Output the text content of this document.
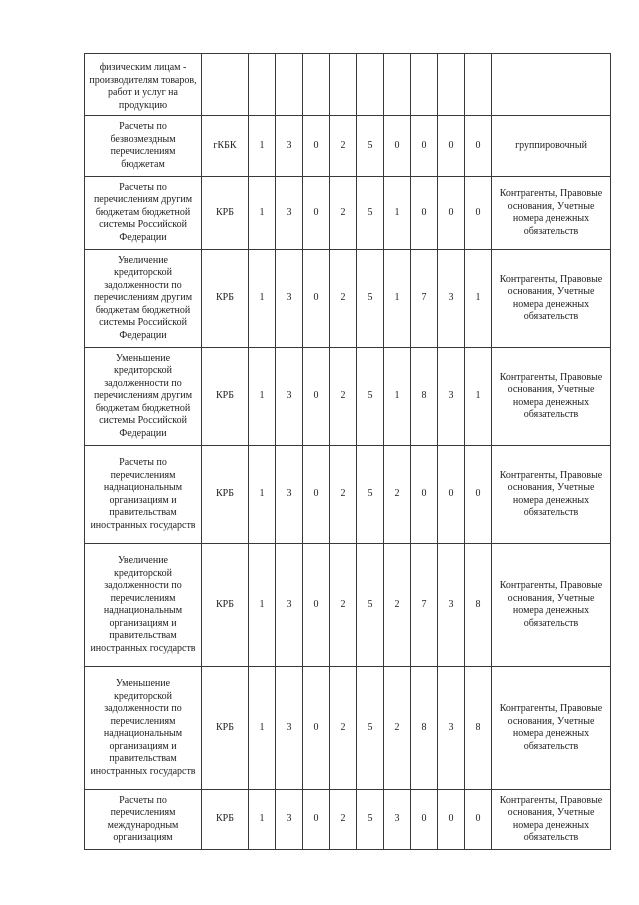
физическим лицам - производителям товаров, работ и услуг на продукцию											
Расчеты по безвозмездным перечислениям бюджетам	гКБК	1	3	0	2	5	0	0	0	0	группировочный
Расчеты по перечислениям другим бюджетам бюджетной системы Российской Федерации	КРБ	1	3	0	2	5	1	0	0	0	Контрагенты, Правовые основания, Учетные номера денежных обязательств
Увеличение кредиторской задолженности по перечислениям другим бюджетам бюджетной системы Российской Федерации	КРБ	1	3	0	2	5	1	7	3	1	Контрагенты, Правовые основания, Учетные номера денежных обязательств
Уменьшение кредиторской задолженности по перечислениям другим бюджетам бюджетной системы Российской Федерации	КРБ	1	3	0	2	5	1	8	3	1	Контрагенты, Правовые основания, Учетные номера денежных обязательств
Расчеты по перечислениям наднациональным организациям и правительствам иностранных государств	КРБ	1	3	0	2	5	2	0	0	0	Контрагенты, Правовые основания, Учетные номера денежных обязательств
Увеличение кредиторской задолженности по перечислениям наднациональным организациям и правительствам иностранных государств	КРБ	1	3	0	2	5	2	7	3	8	Контрагенты, Правовые основания, Учетные номера денежных обязательств
Уменьшение кредиторской задолженности по перечислениям наднациональным организациям и правительствам иностранных государств	КРБ	1	3	0	2	5	2	8	3	8	Контрагенты, Правовые основания, Учетные номера денежных обязательств
Расчеты по перечислениям международным организациям	КРБ	1	3	0	2	5	3	0	0	0	Контрагенты, Правовые основания, Учетные номера денежных обязательств
